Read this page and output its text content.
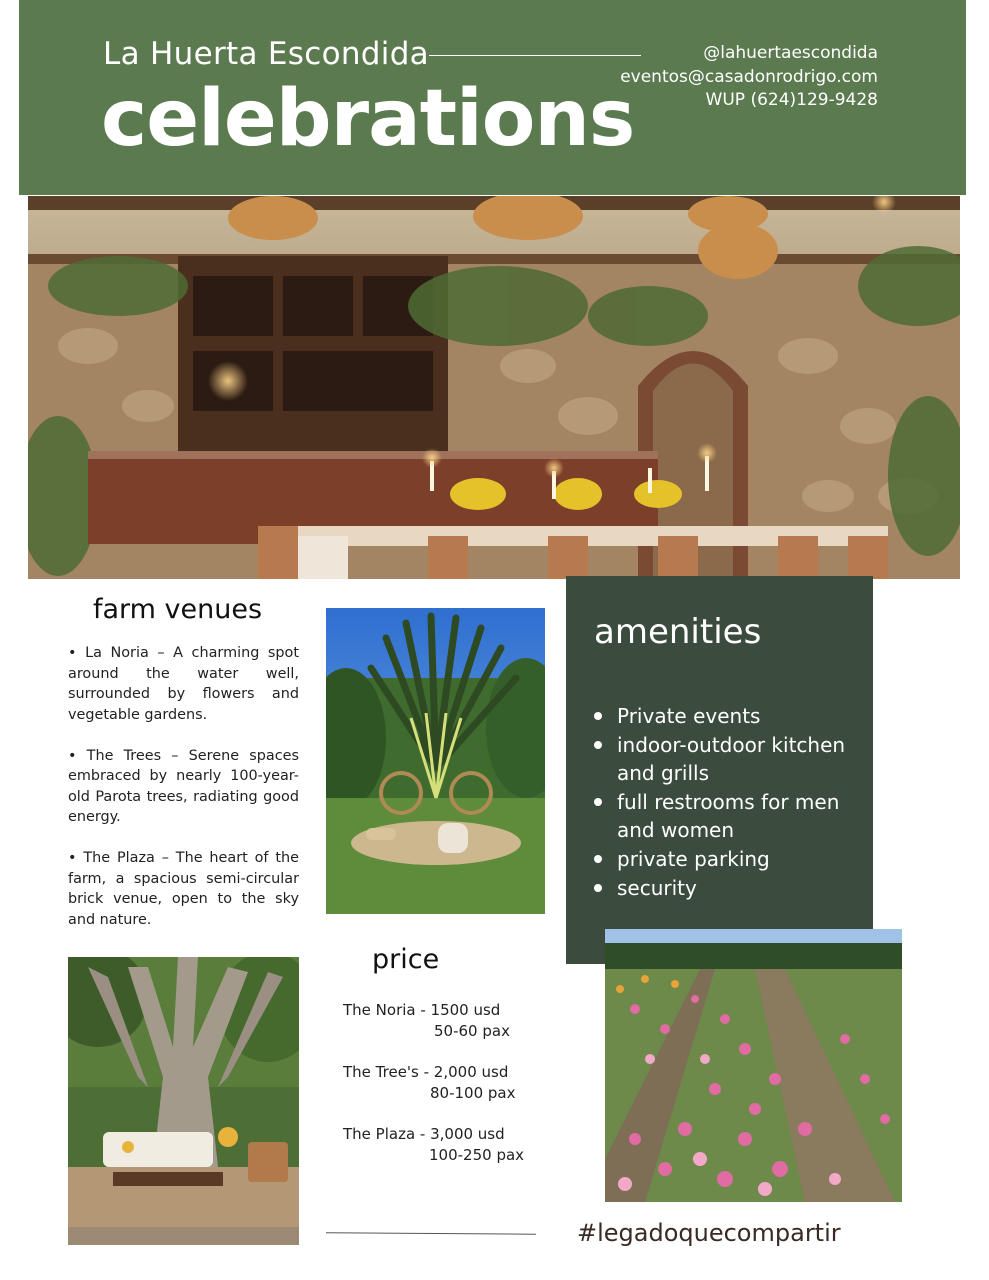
La Huerta Escondida
celebrations
@lahuertaescondida
eventos@casadonrodrigo.com
WUP (624)129-9428
farm venues

• La Noria – A charming spot around the water well, surrounded by flowers and vegetable gardens.

• The Trees – Serene spaces embraced by nearly 100-year-old Parota trees, radiating good energy.

• The Plaza – The heart of the farm, a spacious semi-circular brick venue, open to the sky and nature.

amenities
Private events
indoor-outdoor kitchen and grills
full restrooms for men and women
private parking
security
price
The Noria - 1500 usd
50-60 pax
The Tree's - 2,000 usd
80-100 pax
The Plaza - 3,000 usd
100-250 pax
#legadoquecompartir
